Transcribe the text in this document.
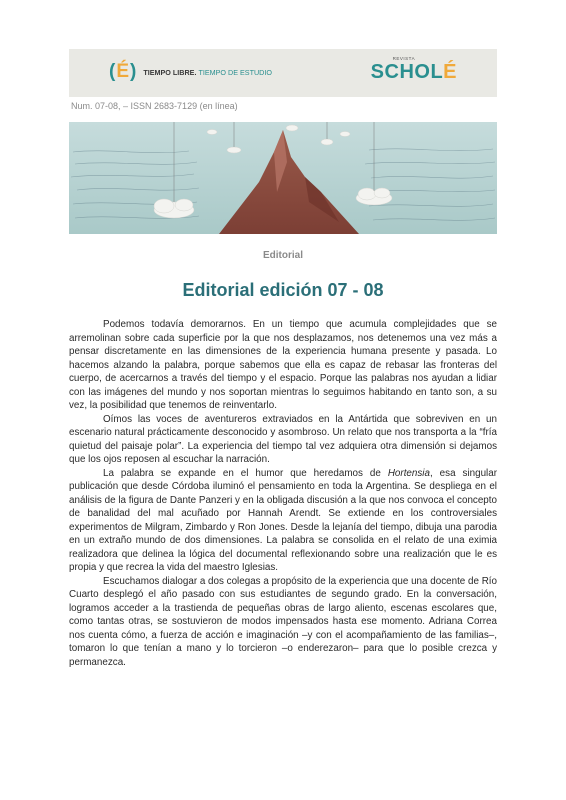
(É) TIEMPO LIBRE. TIEMPO DE ESTUDIO
REVISTA
SCHOLÉ
Num. 07-08, – ISSN 2683-7129 (en línea)
Editorial
Editorial edición 07 - 08

Podemos todavía demorarnos. En un tiempo que acumula complejidades que se arremolinan sobre cada superficie por la que nos desplazamos, nos detenemos una vez más a pensar discretamente en las dimensiones de la experiencia humana presente y pasada. Lo hacemos alzando la palabra, porque sabemos que ella es capaz de rebasar las fronteras del cuerpo, de acercarnos a través del tiempo y el espacio. Porque las palabras nos ayudan a lidiar con las imágenes del mundo y nos soportan mientras lo seguimos habitando en tanto son, a su vez, la posibilidad que tenemos de reinventarlo.

Oímos las voces de aventureros extraviados en la Antártida que sobreviven en un escenario natural prácticamente desconocido y asombroso. Un relato que nos transporta a la “fría quietud del paisaje polar”. La experiencia del tiempo tal vez adquiera otra dimensión si dejamos que los ojos reposen al escuchar la narración.

La palabra se expande en el humor que heredamos de Hortensia, esa singular publicación que desde Córdoba iluminó el pensamiento en toda la Argentina. Se despliega en el análisis de la figura de Dante Panzeri y en la obligada discusión a la que nos convoca el concepto de banalidad del mal acuñado por Hannah Arendt. Se extiende en los controversiales experimentos de Milgram, Zimbardo y Ron Jones. Desde la lejanía del tiempo, dibuja una parodia en un extraño mundo de dos dimensiones. La palabra se consolida en el relato de una eximia realizadora que delinea la lógica del documental reflexionando sobre una realización que le es propia y que recrea la vida del maestro Iglesias.

Escuchamos dialogar a dos colegas a propósito de la experiencia que una docente de Río Cuarto desplegó el año pasado con sus estudiantes de segundo grado. En la conversación, logramos acceder a la trastienda de pequeñas obras de largo aliento, escenas escolares que, como tantas otras, se sostuvieron de modos impensados hasta ese momento. Adriana Correa nos cuenta cómo, a fuerza de acción e imaginación –y con el acompañamiento de las familias–, tomaron lo que tenían a mano y lo torcieron –o enderezaron– para que lo posible crezca y permanezca.
